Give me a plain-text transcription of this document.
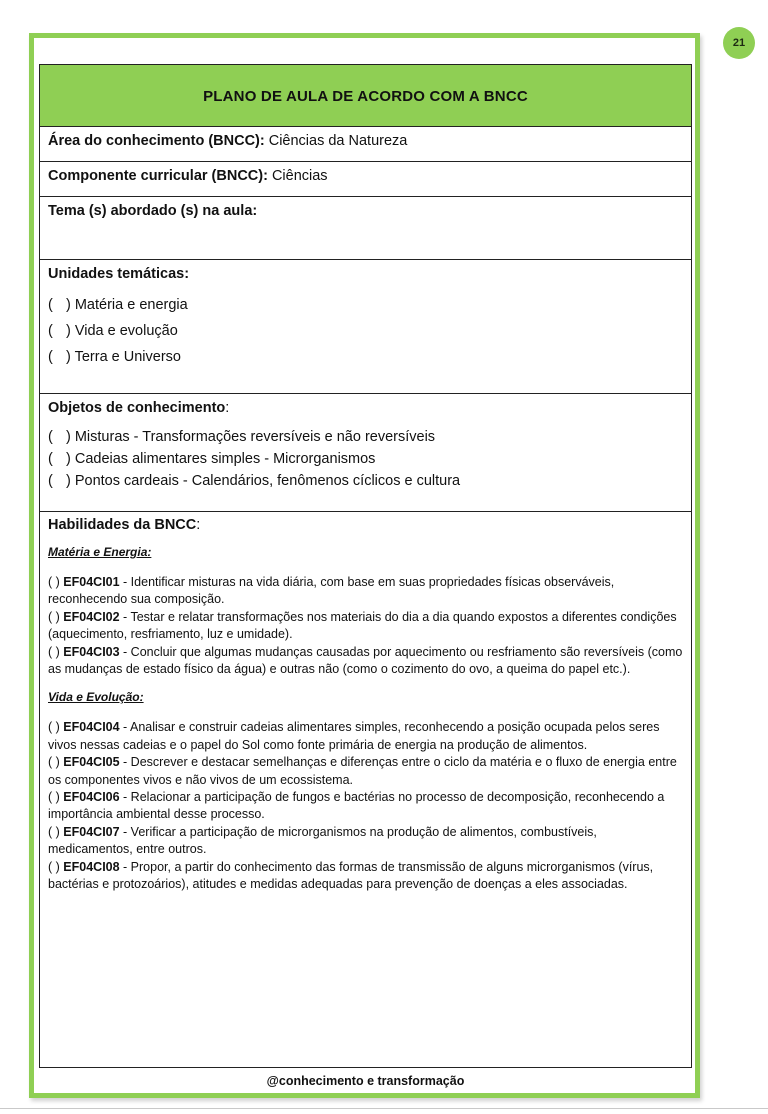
21
PLANO DE AULA DE ACORDO COM A BNCC
Área do conhecimento (BNCC): Ciências da Natureza
Componente curricular (BNCC): Ciências
Tema (s) abordado (s) na aula:
Unidades temáticas:
( ) Matéria e energia
( ) Vida e evolução
( ) Terra e Universo
Objetos de conhecimento:
( ) Misturas - Transformações reversíveis e não reversíveis
( ) Cadeias alimentares simples - Microrganismos
( ) Pontos cardeais - Calendários, fenômenos cíclicos e cultura
Habilidades da BNCC:
Matéria e Energia:

( ) EF04CI01 - Identificar misturas na vida diária, com base em suas propriedades físicas observáveis, reconhecendo sua composição.

( ) EF04CI02 - Testar e relatar transformações nos materiais do dia a dia quando expostos a diferentes condições (aquecimento, resfriamento, luz e umidade).

( ) EF04CI03 - Concluir que algumas mudanças causadas por aquecimento ou resfriamento são reversíveis (como as mudanças de estado físico da água) e outras não (como o cozimento do ovo, a queima do papel etc.).

Vida e Evolução:

( ) EF04CI04 - Analisar e construir cadeias alimentares simples, reconhecendo a posição ocupada pelos seres vivos nessas cadeias e o papel do Sol como fonte primária de energia na produção de alimentos.

( ) EF04CI05 - Descrever e destacar semelhanças e diferenças entre o ciclo da matéria e o fluxo de energia entre os componentes vivos e não vivos de um ecossistema.

( ) EF04CI06 - Relacionar a participação de fungos e bactérias no processo de decomposição, reconhecendo a importância ambiental desse processo.

( ) EF04CI07 - Verificar a participação de microrganismos na produção de alimentos, combustíveis, medicamentos, entre outros.

( ) EF04CI08 - Propor, a partir do conhecimento das formas de transmissão de alguns microrganismos (vírus, bactérias e protozoários), atitudes e medidas adequadas para prevenção de doenças a eles associadas.

@conhecimento e transformação
